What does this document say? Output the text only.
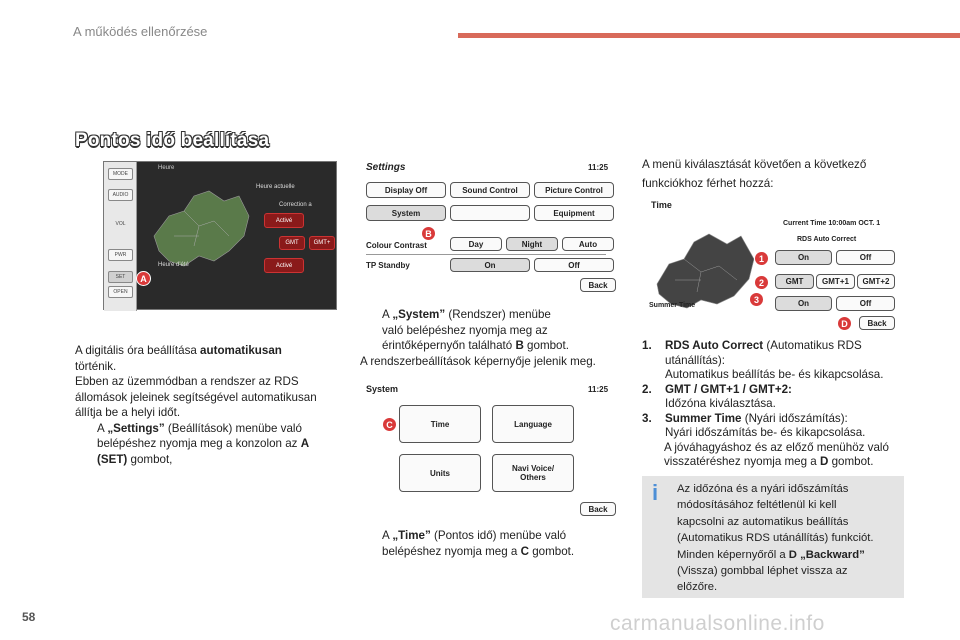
A működés ellenőrzése
Pontos idő beállítása
MODE
AUDIO
VOL
PWR
SET
OPEN
Heure
Heure actuelle
Correction a
Activé
GMT	GMT+
Heure d'été	Activé
A
Settings	11:25
Display Off	Sound Control	Picture Control
System	Equipment
Colour Contrast	Day	Night	Auto
TP Standby	On	Off
Back
B
System	11:25
Time	Language
Units	Navi Voice/ Others
Back
C
Time
Current Time 10:00am OCT. 1
RDS Auto Correct
On	Off
GMT	GMT+1	GMT+2
Summer Time	On	Off
Back
1
2
3
D
A digitális óra beállítása automatikusan
történik.
Ebben az üzemmódban a rendszer az RDS
állomások jeleinek segítségével automatikusan
állítja be a helyi időt.
A „Settings” (Beállítások) menübe való
belépéshez nyomja meg a konzolon az A
(SET) gombot,
A „System” (Rendszer) menübe
való belépéshez nyomja meg az
érintőképernyőn található B gombot.
A rendszerbeállítások képernyője jelenik meg.
A „Time” (Pontos idő) menübe való
belépéshez nyomja meg a C gombot.
A menü kiválasztását követően a következő
funkciókhoz férhet hozzá:
1. RDS Auto Correct (Automatikus RDS
utánállítás):
Automatikus beállítás be- és kikapcsolása.
2. GMT / GMT+1 / GMT+2:
Időzóna kiválasztása.
3. Summer Time (Nyári időszámítás):
Nyári időszámítás be- és kikapcsolása.
A jóváhagyáshoz és az előző menühöz való
visszatéréshez nyomja meg a D gombot.
i	Az időzóna és a nyári időszámítás
módosításához feltétlenül ki kell
kapcsolni az automatikus beállítás
(Automatikus RDS utánállítás) funkciót.
Minden képernyőről a D „Backward”
(Vissza) gombbal léphet vissza az
előzőre.
58	carmanualsonline.info
